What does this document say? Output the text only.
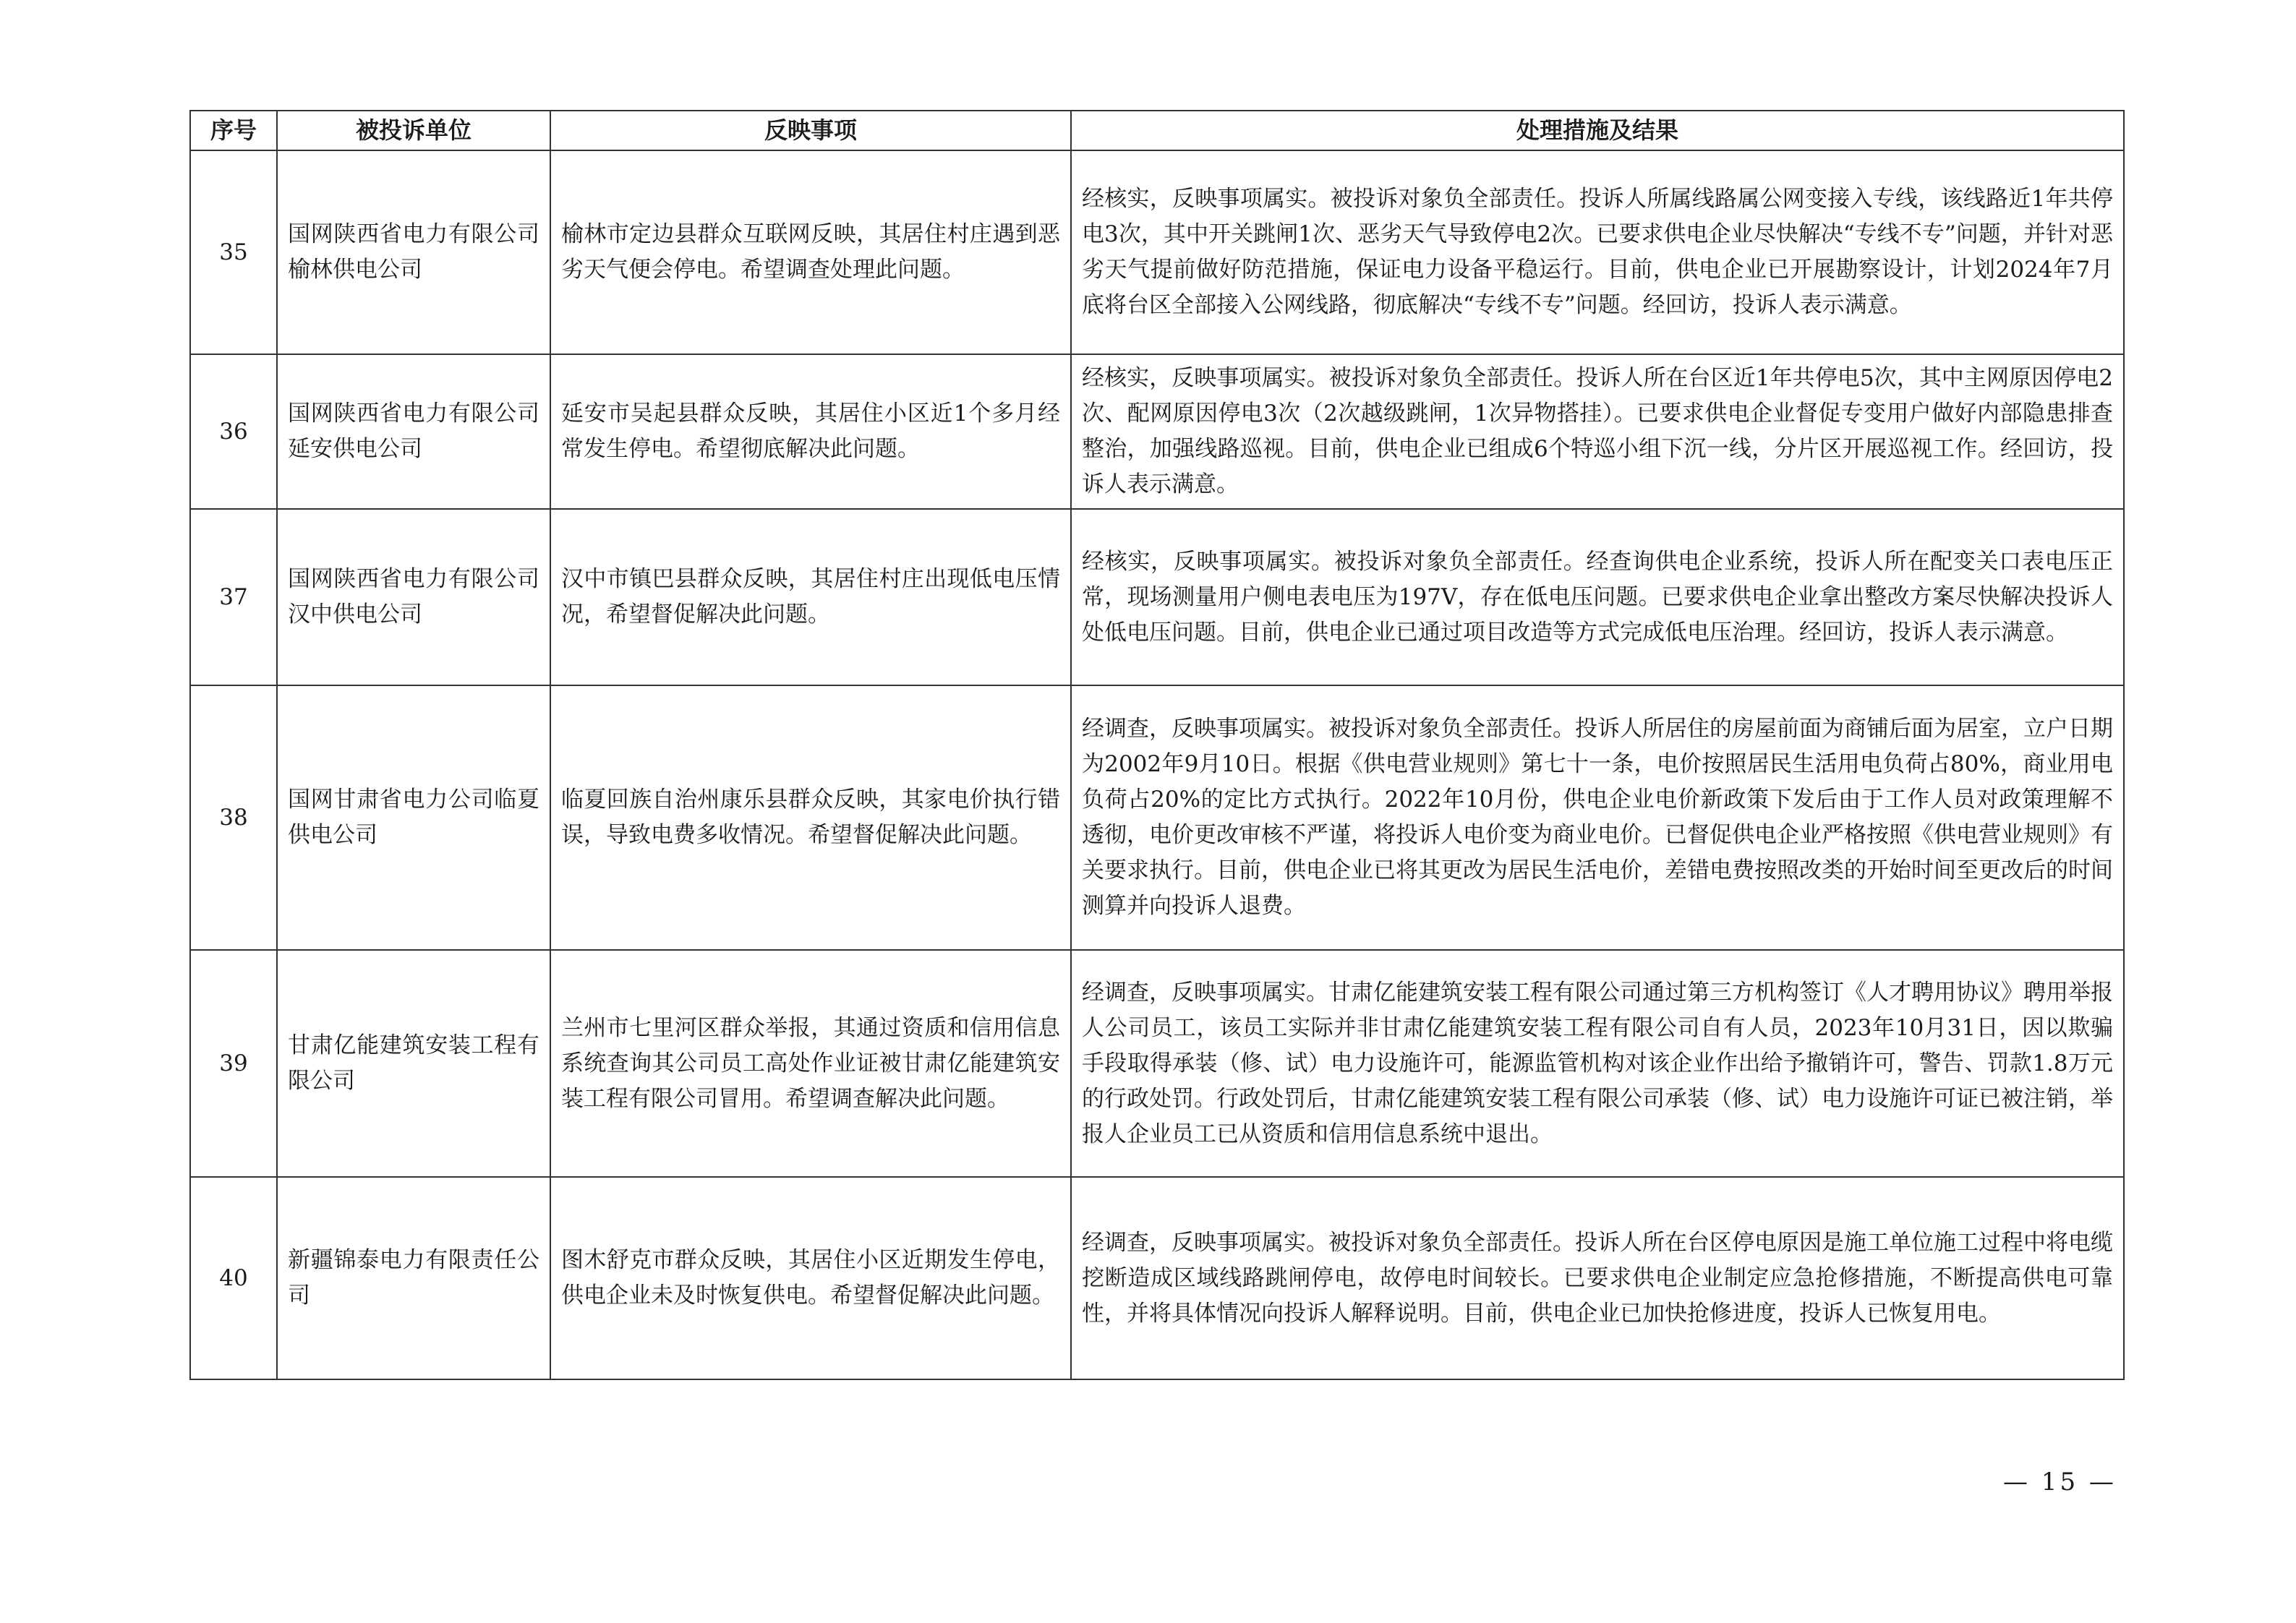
序号	被投诉单位	反映事项	处理措施及结果
35	国网陕西省电力有限公司榆林供电公司	榆林市定边县群众互联网反映，其居住村庄遇到恶劣天气便会停电。希望调查处理此问题。	经核实，反映事项属实。被投诉对象负全部责任。投诉人所属线路属公网变接入专线，该线路近1年共停电3次，其中开关跳闸1次、恶劣天气导致停电2次。已要求供电企业尽快解决“专线不专”问题，并针对恶劣天气提前做好防范措施，保证电力设备平稳运行。目前，供电企业已开展勘察设计，计划2024年7月底将台区全部接入公网线路，彻底解决“专线不专”问题。经回访，投诉人表示满意。
36	国网陕西省电力有限公司延安供电公司	延安市吴起县群众反映，其居住小区近1个多月经常发生停电。希望彻底解决此问题。	经核实，反映事项属实。被投诉对象负全部责任。投诉人所在台区近1年共停电5次，其中主网原因停电2次、配网原因停电3次（2次越级跳闸，1次异物搭挂）。已要求供电企业督促专变用户做好内部隐患排查整治，加强线路巡视。目前，供电企业已组成6个特巡小组下沉一线，分片区开展巡视工作。经回访，投诉人表示满意。
37	国网陕西省电力有限公司汉中供电公司	汉中市镇巴县群众反映，其居住村庄出现低电压情况，希望督促解决此问题。	经核实，反映事项属实。被投诉对象负全部责任。经查询供电企业系统，投诉人所在配变关口表电压正常，现场测量用户侧电表电压为197V，存在低电压问题。已要求供电企业拿出整改方案尽快解决投诉人处低电压问题。目前，供电企业已通过项目改造等方式完成低电压治理。经回访，投诉人表示满意。
38	国网甘肃省电力公司临夏供电公司	临夏回族自治州康乐县群众反映，其家电价执行错误，导致电费多收情况。希望督促解决此问题。	经调查，反映事项属实。被投诉对象负全部责任。投诉人所居住的房屋前面为商铺后面为居室，立户日期为2002年9月10日。根据《供电营业规则》第七十一条，电价按照居民生活用电负荷占80%，商业用电负荷占20%的定比方式执行。2022年10月份，供电企业电价新政策下发后由于工作人员对政策理解不透彻，电价更改审核不严谨，将投诉人电价变为商业电价。已督促供电企业严格按照《供电营业规则》有关要求执行。目前，供电企业已将其更改为居民生活电价，差错电费按照改类的开始时间至更改后的时间测算并向投诉人退费。
39	甘肃亿能建筑安装工程有限公司	兰州市七里河区群众举报，其通过资质和信用信息系统查询其公司员工高处作业证被甘肃亿能建筑安装工程有限公司冒用。希望调查解决此问题。	经调查，反映事项属实。甘肃亿能建筑安装工程有限公司通过第三方机构签订《人才聘用协议》聘用举报人公司员工，该员工实际并非甘肃亿能建筑安装工程有限公司自有人员，2023年10月31日，因以欺骗手段取得承装（修、试）电力设施许可，能源监管机构对该企业作出给予撤销许可，警告、罚款1.8万元的行政处罚。行政处罚后，甘肃亿能建筑安装工程有限公司承装（修、试）电力设施许可证已被注销，举报人企业员工已从资质和信用信息系统中退出。
40	新疆锦泰电力有限责任公司	图木舒克市群众反映，其居住小区近期发生停电，供电企业未及时恢复供电。希望督促解决此问题。	经调查，反映事项属实。被投诉对象负全部责任。投诉人所在台区停电原因是施工单位施工过程中将电缆挖断造成区域线路跳闸停电，故停电时间较长。已要求供电企业制定应急抢修措施，不断提高供电可靠性，并将具体情况向投诉人解释说明。目前，供电企业已加快抢修进度，投诉人已恢复用电。
— 15 —
